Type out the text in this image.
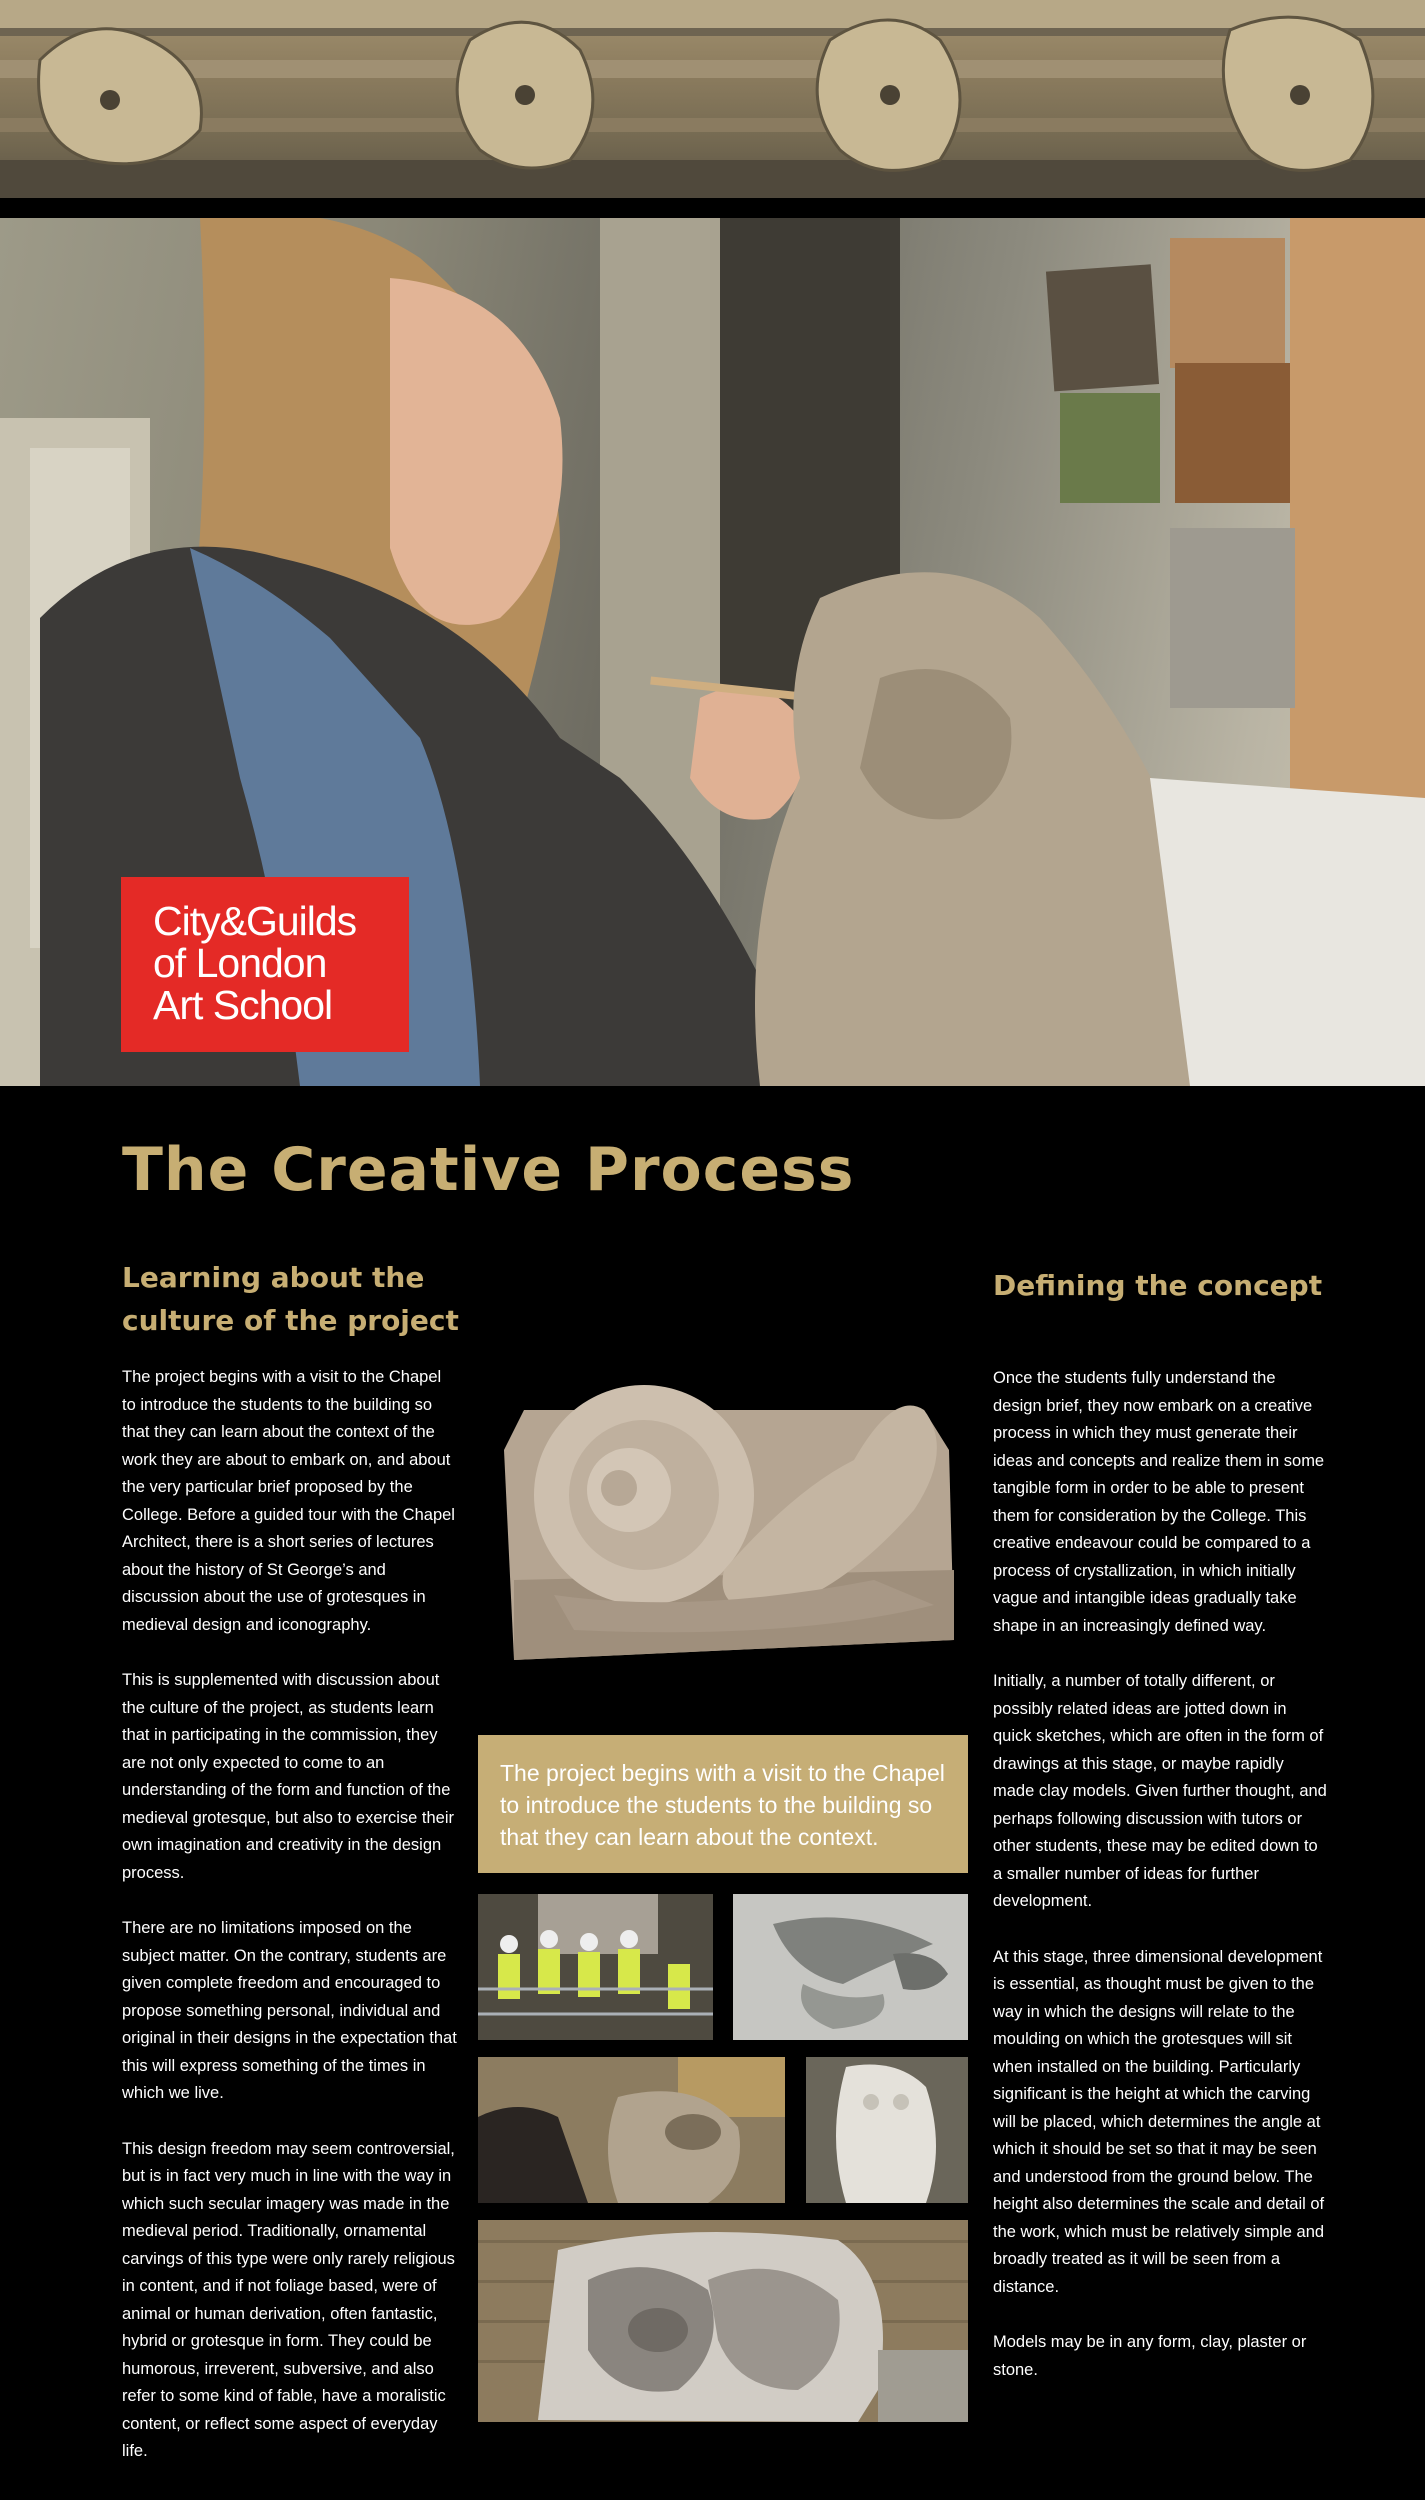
City&Guilds
of London
Art School
The Creative Process
Learning about the
culture of the project

The project begins with a visit to the Chapel to introduce the students to the building so that they can learn about the context of the work they are about to embark on, and about the very particular brief proposed by the College. Before a guided tour with the Chapel Architect, there is a short series of lectures about the history of St George’s and discussion about the use of grotesques in medieval design and iconography.

This is supplemented with discussion about the culture of the project, as students learn that in participating in the commission, they are not only expected to come to an understanding of the form and function of the medieval grotesque, but also to exercise their own imagination and creativity in the design process.

There are no limitations imposed on the subject matter. On the contrary, students are given complete freedom and encouraged to propose something personal, individual and original in their designs in the expectation that this will express something of the times in which we live.

This design freedom may seem controversial, but is in fact very much in line with the way in which such secular imagery was made in the medieval period. Traditionally, ornamental carvings of this type were only rarely religious in content, and if not foliage based, were of animal or human derivation, often fantastic, hybrid or grotesque in form. They could be humorous, irreverent, subversive, and also refer to some kind of fable, have a moralistic content, or reflect some aspect of everyday life.

Defining the concept

Once the students fully understand the design brief, they now embark on a creative process in which they must generate their ideas and concepts and realize them in some tangible form in order to be able to present them for consideration by the College. This creative endeavour could be compared to a process of crystallization, in which initially vague and intangible ideas gradually take shape in an increasingly defined way.

Initially, a number of totally different, or possibly related ideas are jotted down in quick sketches, which are often in the form of drawings at this stage, or maybe rapidly made clay models. Given further thought, and perhaps following discussion with tutors or other students, these may be edited down to a smaller number of ideas for further development.

At this stage, three dimensional development is essential, as thought must be given to the way in which the designs will relate to the moulding on which the grotesques will sit when installed on the building. Particularly significant is the height at which the carving will be placed, which determines the angle at which it should be set so that it may be seen and understood from the ground below. The height also determines the scale and detail of the work, which must be relatively simple and broadly treated as it will be seen from a distance.

Models may be in any form, clay, plaster or stone.

The project begins with a visit to the Chapel to introduce the students to the building so that they can learn about the context.
